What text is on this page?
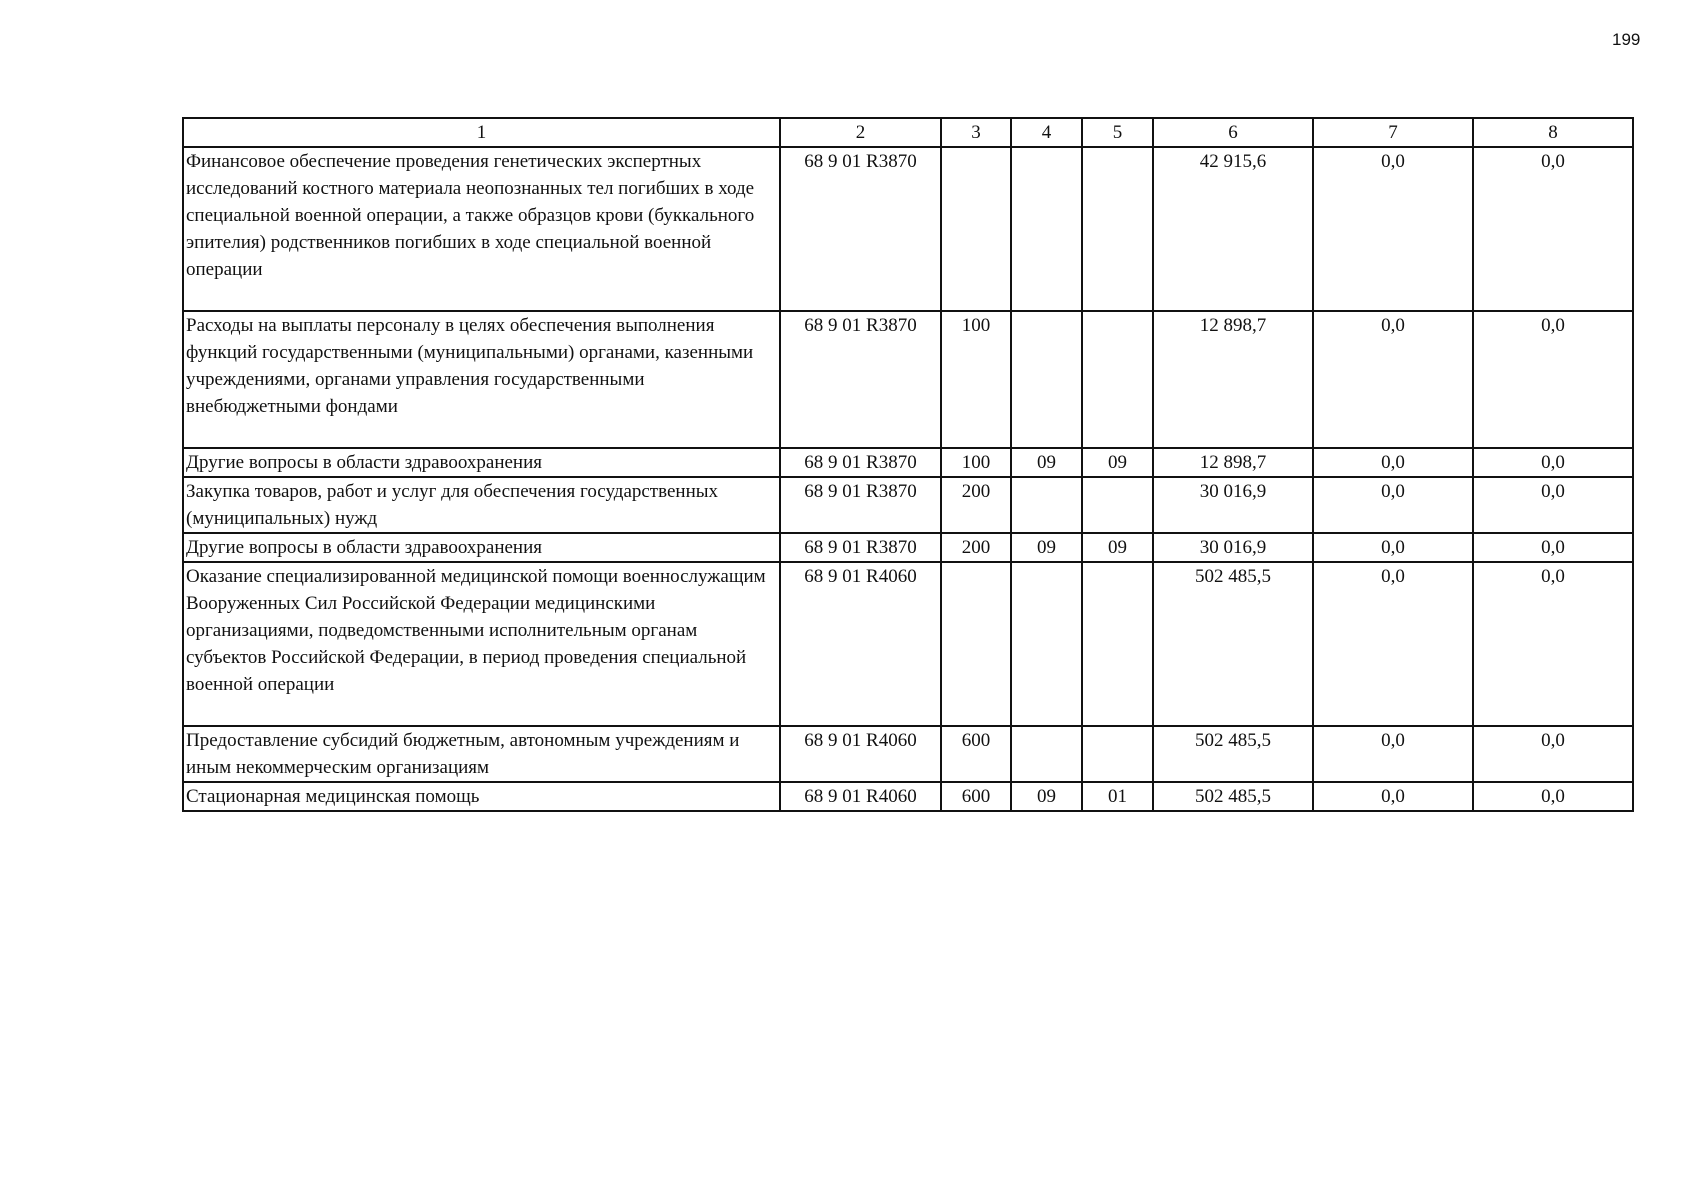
199
1	2	3	4	5	6	7	8
Финансовое обеспечение проведения генетических экспертных исследований костного материала неопознанных тел погибших в ходе специальной военной операции, а также образцов крови (буккального эпителия) родственников погибших в ходе специальной военной операции	68 9 01 R3870				42 915,6	0,0	0,0
Расходы на выплаты персоналу в целях обеспечения выполнения функций государственными (муниципальными) органами, казенными учреждениями, органами управления государственными внебюджетными фондами	68 9 01 R3870	100			12 898,7	0,0	0,0
Другие вопросы в области здравоохранения	68 9 01 R3870	100	09	09	12 898,7	0,0	0,0
Закупка товаров, работ и услуг для обеспечения государственных (муниципальных) нужд	68 9 01 R3870	200			30 016,9	0,0	0,0
Другие вопросы в области здравоохранения	68 9 01 R3870	200	09	09	30 016,9	0,0	0,0
Оказание специализированной медицинской помощи военнослужащим Вооруженных Сил Российской Федерации медицинскими организациями, подведомственными исполнительным органам субъектов Российской Федерации, в период проведения специальной военной операции	68 9 01 R4060				502 485,5	0,0	0,0
Предоставление субсидий бюджетным, автономным учреждениям и иным некоммерческим организациям	68 9 01 R4060	600			502 485,5	0,0	0,0
Стационарная медицинская помощь	68 9 01 R4060	600	09	01	502 485,5	0,0	0,0
